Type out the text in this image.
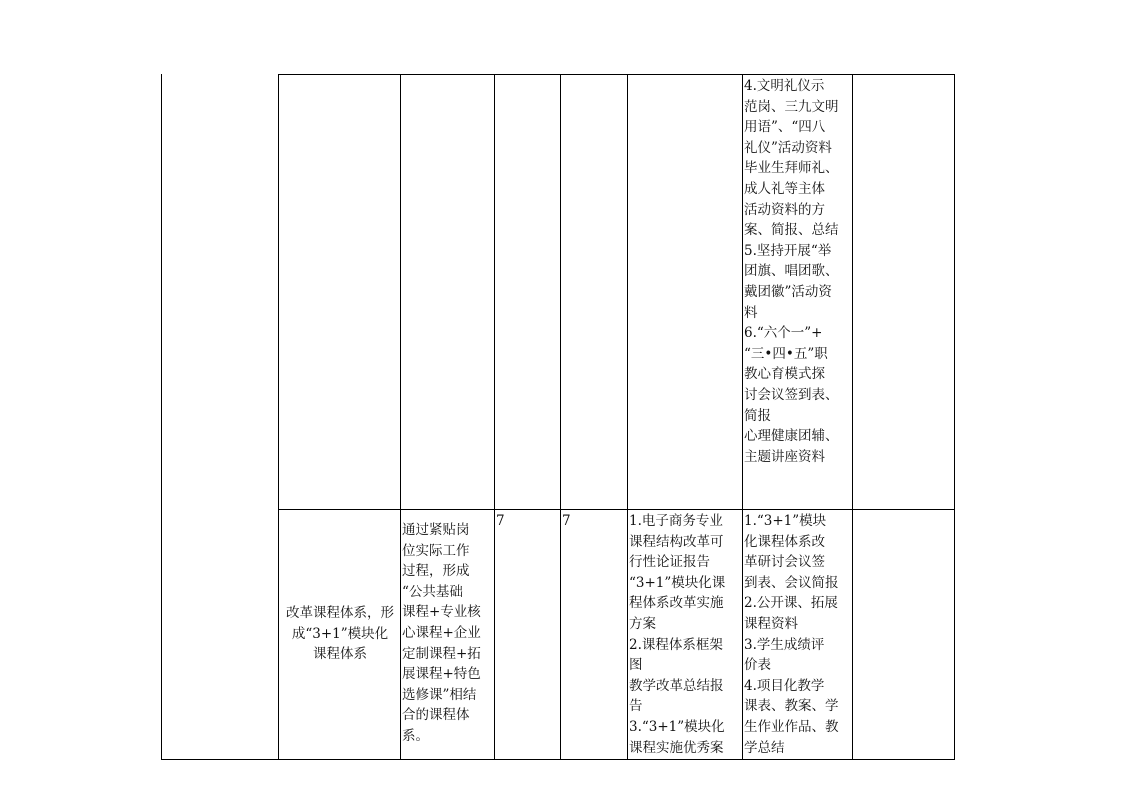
4.文明礼仪示
范岗、三九文明
用语”、“四八
礼仪”活动资料
毕业生拜师礼、
成人礼等主体
活动资料的方
案、简报、总结
5.坚持开展“举
团旗、唱团歌、
戴团徽”活动资
料
6.“六个一”+
“三•四•五”职
教心育模式探
讨会议签到表、
简报
心理健康团辅、
主题讲座资料
改革课程体系，形
成“3+1”模块化
课程体系
通过紧贴岗
位实际工作
过程，形成
“公共基础
课程+专业核
心课程+企业
定制课程+拓
展课程+特色
选修课”相结
合的课程体
系。
7	7	1.电子商务专业
课程结构改革可
行性论证报告
“3+1”模块化课
程体系改革实施
方案
2.课程体系框架
图
教学改革总结报
告
3.“3+1”模块化
课程实施优秀案
1.“3+1”模块
化课程体系改
革研讨会议签
到表、会议简报
2.公开课、拓展
课程资料
3.学生成绩评
价表
4.项目化教学
课表、教案、学
生作业作品、教
学总结
